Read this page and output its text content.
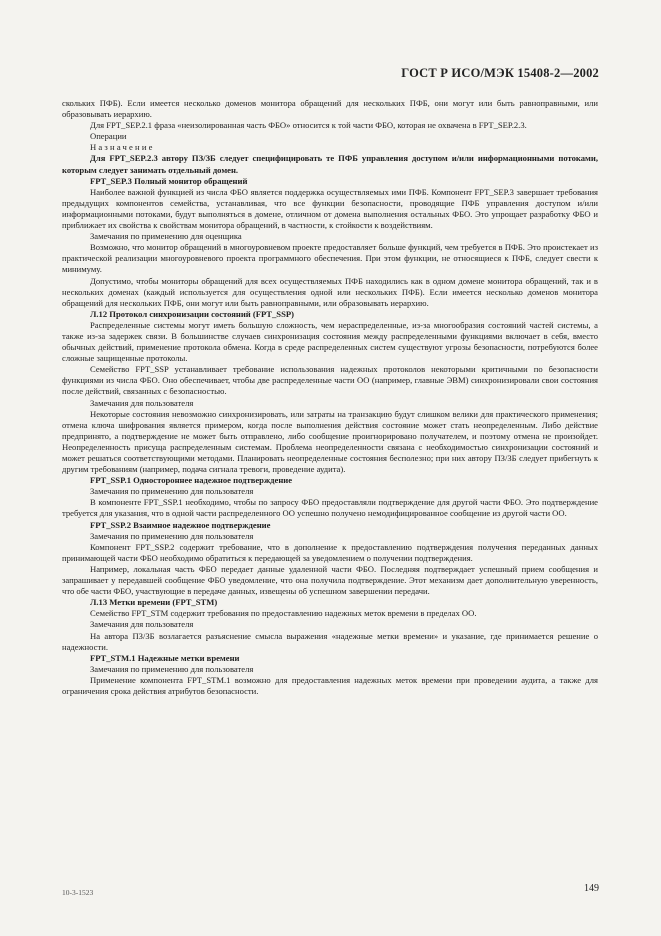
ГОСТ Р ИСО/МЭК 15408-2—2002

скольких ПФБ). Если имеется несколько доменов монитора обращений для нескольких ПФБ, они могут или быть равноправными, или образовывать иерархию.

Для FPT_SEP.2.1 фраза «неизолированная часть ФБО» относится к той части ФБО, которая не охвачена в FPT_SEP.2.3.

Операции

Назначение

Для FPT_SEP.2.3 автору ПЗ/ЗБ следует специфицировать те ПФБ управления доступом и/или информационными потоками, которым следует занимать отдельный домен.

FPT_SEP.3 Полный монитор обращений

Наиболее важной функцией из числа ФБО является поддержка осуществляемых ими ПФБ. Компонент FPT_SEP.3 завершает требования предыдущих компонентов семейства, устанавливая, что все функции безопасности, проводящие ПФБ управления доступом и/или информационными потоками, будут выполняться в домене, отличном от домена выполнения остальных ФБО. Это упрощает разработку ФБО и приближает их свойства к свойствам монитора обращений, в частности, к стойкости к воздействиям.

Замечания по применению для оценщика

Возможно, что монитор обращений в многоуровневом проекте предоставляет больше функций, чем требуется в ПФБ. Это проистекает из практической реализации многоуровневого проекта программного обеспечения. При этом функции, не относящиеся к ПФБ, следует свести к минимуму.

Допустимо, чтобы мониторы обращений для всех осуществляемых ПФБ находились как в одном домене монитора обращений, так и в нескольких доменах (каждый используется для осуществления одной или нескольких ПФБ). Если имеется несколько доменов монитора обращений для нескольких ПФБ, они могут или быть равноправными, или образовывать иерархию.

Л.12 Протокол синхронизации состояний (FPT_SSP)

Распределенные системы могут иметь большую сложность, чем нераспределенные, из-за многообразия состояний частей системы, а также из-за задержек связи. В большинстве случаев синхронизация состояния между распределенными функциями включает в себя, вместо обычных действий, применение протокола обмена. Когда в среде распределенных систем существуют угрозы безопасности, потребуются более сложные защищенные протоколы.

Семейство FPT_SSP устанавливает требование использования надежных протоколов некоторыми критичными по безопасности функциями из числа ФБО. Оно обеспечивает, чтобы две распределенные части ОО (например, главные ЭВМ) синхронизировали свои состояния после действий, связанных с безопасностью.

Замечания для пользователя

Некоторые состояния невозможно синхронизировать, или затраты на транзакцию будут слишком велики для практического применения; отмена ключа шифрования является примером, когда после выполнения действия состояние может стать неопределенным. Либо действие предпринято, а подтверждение не может быть отправлено, либо сообщение проигнорировано получателем, и поэтому отмена не произойдет. Неопределенность присуща распределенным системам. Проблема неопределенности связана с необходимостью синхронизации состояний и может решаться соответствующими методами. Планировать неопределенные состояния бесполезно; при них автору ПЗ/ЗБ следует прибегнуть к другим требованиям (например, подача сигнала тревоги, проведение аудита).

FPT_SSP.1 Одностороннее надежное подтверждение

Замечания по применению для пользователя

В компоненте FPT_SSP.1 необходимо, чтобы по запросу ФБО предоставляли подтверждение для другой части ФБО. Это подтверждение требуется для указания, что в одной части распределенного ОО успешно получено немодифицированное сообщение из другой части ОО.

FPT_SSP.2 Взаимное надежное подтверждение

Замечания по применению для пользователя

Компонент FPT_SSP.2 содержит требование, что в дополнение к предоставлению подтверждения получения переданных данных принимающей части ФБО необходимо обратиться к передающей за уведомлением о получении подтверждения.

Например, локальная часть ФБО передает данные удаленной части ФБО. Последняя подтверждает успешный прием сообщения и запрашивает у передавшей сообщение ФБО уведомление, что она получила подтверждение. Этот механизм дает дополнительную уверенность, что обе части ФБО, участвующие в передаче данных, извещены об успешном завершении передачи.

Л.13 Метки времени (FPT_STM)

Семейство FPT_STM содержит требования по предоставлению надежных меток времени в пределах ОО.

Замечания для пользователя

На автора ПЗ/ЗБ возлагается разъяснение смысла выражения «надежные метки времени» и указание, где принимается решение о надежности.

FPT_STM.1 Надежные метки времени

Замечания по применению для пользователя

Применение компонента FPT_STM.1 возможно для предоставления надежных меток времени при проведении аудита, а также для ограничения срока действия атрибутов безопасности.

10-3-1523	149
